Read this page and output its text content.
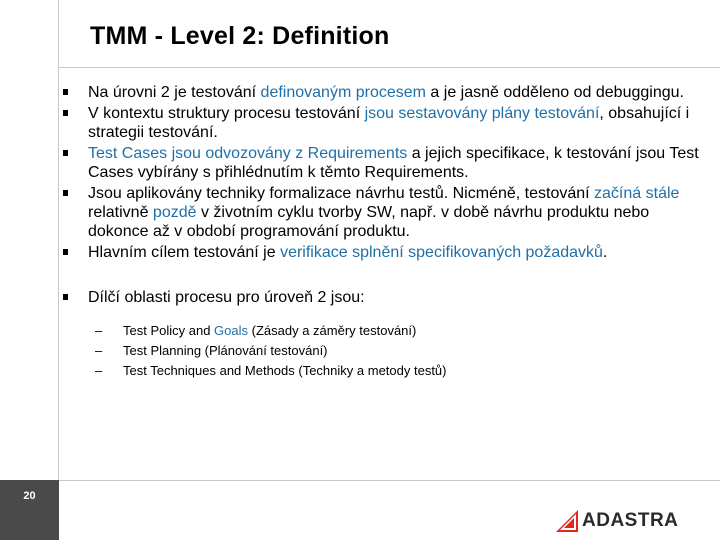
TMM - Level 2: Definition
Na úrovni 2 je testování definovaným procesem a je jasně odděleno od debuggingu.
V kontextu struktury procesu testování jsou sestavovány plány testování, obsahující i strategii testování.
Test Cases jsou odvozovány z Requirements a jejich specifikace, k testování jsou Test Cases vybírány s přihlédnutím k těmto Requirements.
Jsou aplikovány techniky formalizace návrhu testů. Nicméně, testování začíná stále relativně pozdě v životním cyklu tvorby SW, např. v době návrhu produktu nebo dokonce až v období programování produktu.
Hlavním cílem testování je verifikace splnění specifikovaných požadavků.
Dílčí oblasti procesu pro úroveň 2 jsou:
– Test Policy and Goals (Zásady a záměry testování)
– Test Planning (Plánování testování)
– Test Techniques and Methods (Techniky a metody testů)
20
ADASTRA
